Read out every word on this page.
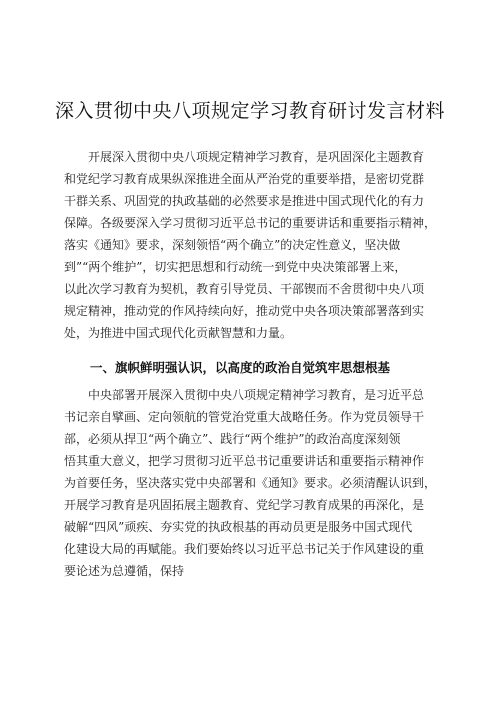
深入贯彻中央八项规定学习教育研讨发言材料
　　开展深入贯彻中央八项规定精神学习教育，是巩固深化主题教育
和党纪学习教育成果纵深推进全面从严治党的重要举措，是密切党群
干群关系、巩固党的执政基础的必然要求是推进中国式现代化的有力
保障。各级要深入学习贯彻习近平总书记的重要讲话和重要指示精神，
落实《通知》要求，深刻领悟“两个确立”的决定性意义，坚决做
到”“两个维护”，切实把思想和行动统一到党中央决策部署上来，
以此次学习教育为契机，教育引导党员、干部锲而不舍贯彻中央八项
规定精神，推动党的作风持续向好，推动党中央各项决策部署落到实
处，为推进中国式现代化贡献智慧和力量。
一、旗帜鲜明强认识，以高度的政治自觉筑牢思想根基
　　中央部署开展深入贯彻中央八项规定精神学习教育，是习近平总
书记亲自擘画、定向领航的管党治党重大战略任务。作为党员领导干
部，必须从捍卫“两个确立”、践行“两个维护”的政治高度深刻领
悟其重大意义，把学习贯彻习近平总书记重要讲话和重要指示精神作
为首要任务，坚决落实党中央部署和《通知》要求。必须清醒认识到，
开展学习教育是巩固拓展主题教育、党纪学习教育成果的再深化，是
破解“四风”顽疾、夯实党的执政根基的再动员更是服务中国式现代
化建设大局的再赋能。我们要始终以习近平总书记关于作风建设的重
要论述为总遵循，保持
